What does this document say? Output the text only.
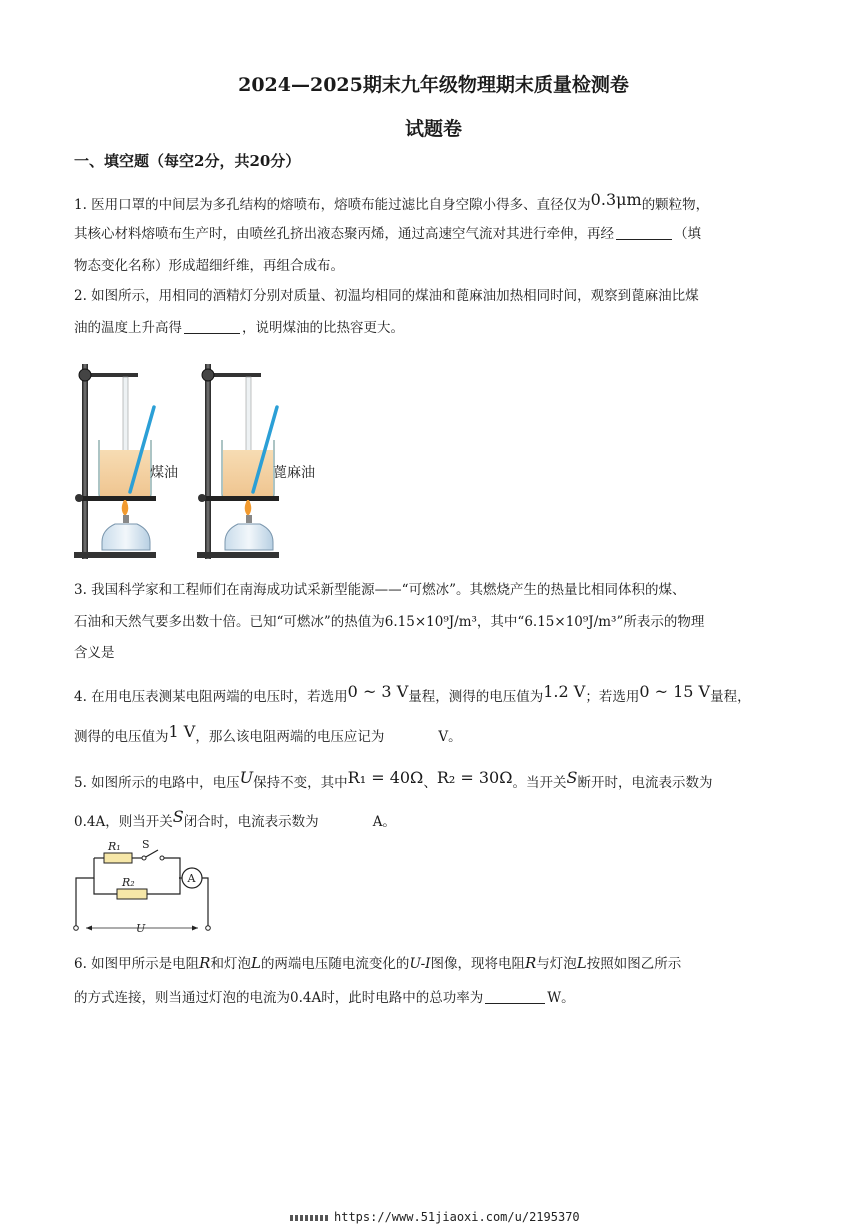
2024—2025期末九年级物理期末质量检测卷
试题卷
一、填空题（每空2分，共20分）
1. 医用口罩的中间层为多孔结构的熔喷布，熔喷布能过滤比自身空隙小得多、直径仅为0.3μm的颗粒物，
其核心材料熔喷布生产时，由喷丝孔挤出液态聚丙烯，通过高速空气流对其进行牵伸，再经	（填
物态变化名称）形成超细纤维，再组合成布。
2. 如图所示，用相同的酒精灯分别对质量、初温均相同的煤油和蓖麻油加热相同时间，观察到蓖麻油比煤
油的温度上升高得	，说明煤油的比热容更大。
煤油	蓖麻油
3. 我国科学家和工程师们在南海成功试采新型能源——“可燃冰”。其燃烧产生的热量比相同体积的煤、
石油和天然气要多出数十倍。已知“可燃冰”的热值为6.15×10⁹J/m³，其中“6.15×10⁹J/m³”所表示的物理
含义是
4. 在用电压表测某电阻两端的电压时，若选用0 ~ 3 V量程，测得的电压值为1.2 V；若选用0 ~ 15 V量程，
测得的电压值为1 V，那么该电阻两端的电压应记为	V。
5. 如图所示的电路中，电压U保持不变，其中R₁ = 40Ω、R₂ = 30Ω。当开关S断开时，电流表示数为
0.4A，则当开关S闭合时，电流表示数为	A。
R₁ S
R₂	A
U
6. 如图甲所示是电阻R和灯泡L的两端电压随电流变化的U-I图像，现将电阻R与灯泡L按照如图乙所示
的方式连接，则当通过灯泡的电流为0.4A时，此时电路中的总功率为	W。
https://www.51jiaoxi.com/u/2195370
